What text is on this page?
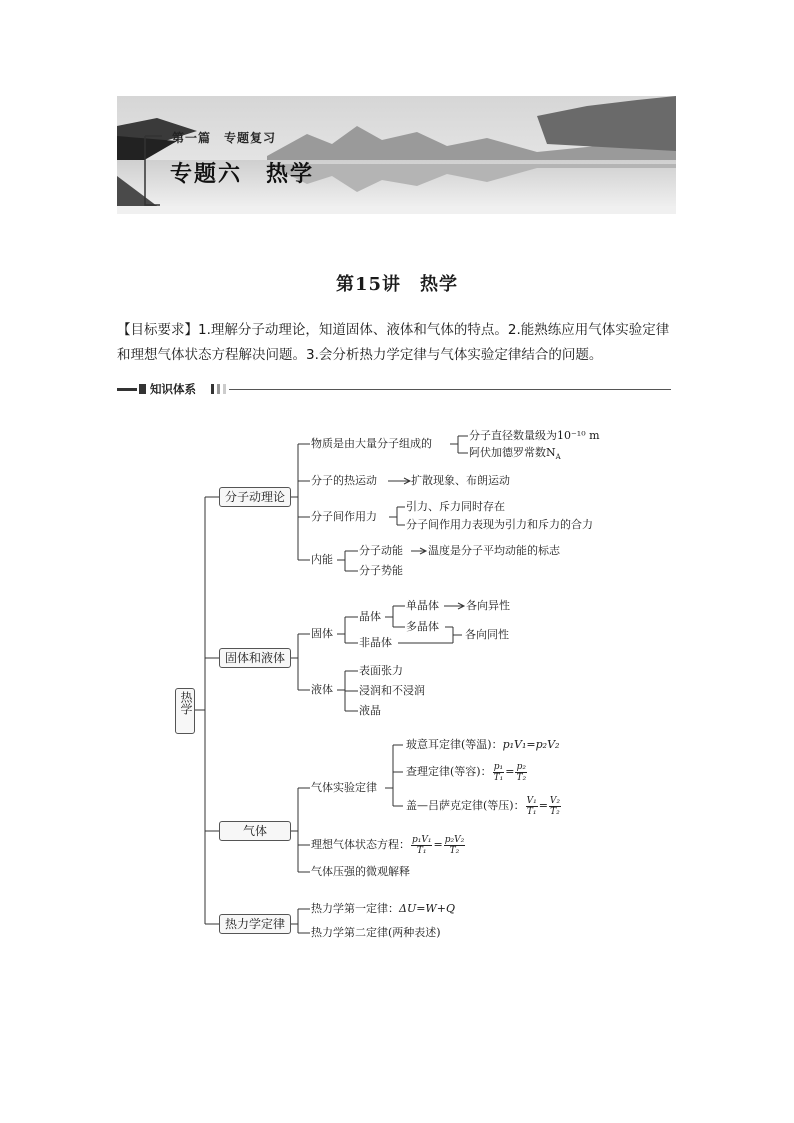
第一篇　专题复习
专题六　热学
第15讲　热学
【目标要求】1.理解分子动理论，知道固体、液体和气体的特点。2.能熟练应用气体实验定律和理想气体状态方程解决问题。3.会分析热力学定律与气体实验定律结合的问题。
知识体系
热学
分子动理论
固体和液体
气体
热力学定律
物质是由大量分子组成的
分子直径数量级为10⁻¹⁰ m
阿伏加德罗常数$N_A$
分子的热运动	扩散现象、布朗运动
分子间作用力
引力、斥力同时存在
分子间作用力表现为引力和斥力的合力
内能
分子动能 温度是分子平均动能的标志
分子势能
固体
晶体
单晶体 各向异性
多晶体
非晶体
各向同性
液体
表面张力
浸润和不浸润
液晶
气体实验定律
玻意耳定律(等温)：p₁V₁=p₂V₂
查理定律(等容)： $\frac{\text{p₁}}{\text{T₁}} = \frac{\text{p₂}}{\text{T₂}}$
盖—吕萨克定律(等压)： $\frac{\text{V₁}}{\text{T₁}} = \frac{\text{V₂}}{\text{T₂}}$
理想气体状态方程： $\frac{\text{p₁V₁}}{\text{T₁}} = \frac{\text{p₂V₂}}{\text{T₂}}$
气体压强的微观解释
热力学第一定律：ΔU=W+Q
热力学第二定律(两种表述)
